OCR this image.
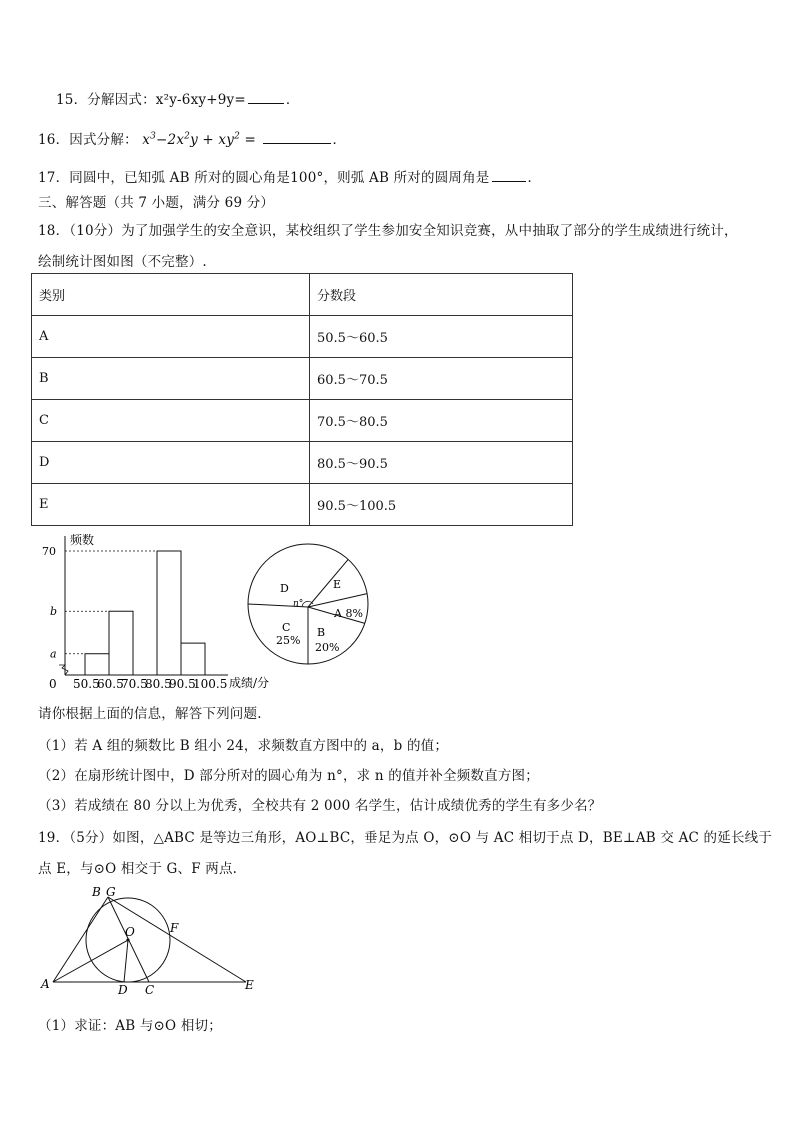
15．分解因式：x²y-6xy+9y=	．
16．因式分解： $x^3-2x^2y + xy^2$ =	．
17．同圆中，已知弧 AB 所对的圆心角是100°，则弧 AB 所对的圆周角是	．
三、解答题（共 7 小题，满分 69 分）
18．（10分）为了加强学生的安全意识，某校组织了学生参加安全知识竞赛，从中抽取了部分的学生成绩进行统计，
绘制统计图如图（不完整）.
类别	分数段
A	50.5～60.5
B	60.5～70.5
C	70.5～80.5
D	80.5～90.5
E	90.5～100.5
频数
成绩/分
0
a
b
70
50.5
60.5
70.5
80.5
90.5
100.5
D
n°
E
A 8%
B
20%
C
25%
请你根据上面的信息，解答下列问题.
（1）若 A 组的频数比 B 组小 24，求频数直方图中的 a，b 的值；
（2）在扇形统计图中，D 部分所对的圆心角为 n°，求 n 的值并补全频数直方图；
（3）若成绩在 80 分以上为优秀，全校共有 2 000 名学生，估计成绩优秀的学生有多少名？
19．（5分）如图，△ABC 是等边三角形，AO⊥BC，垂足为点 O，⊙O 与 AC 相切于点 D，BE⊥AB 交 AC 的延长线于
点 E，与⊙O 相交于 G、F 两点.
B G
O	F
A	D C	E
（1）求证：AB 与⊙O 相切；
